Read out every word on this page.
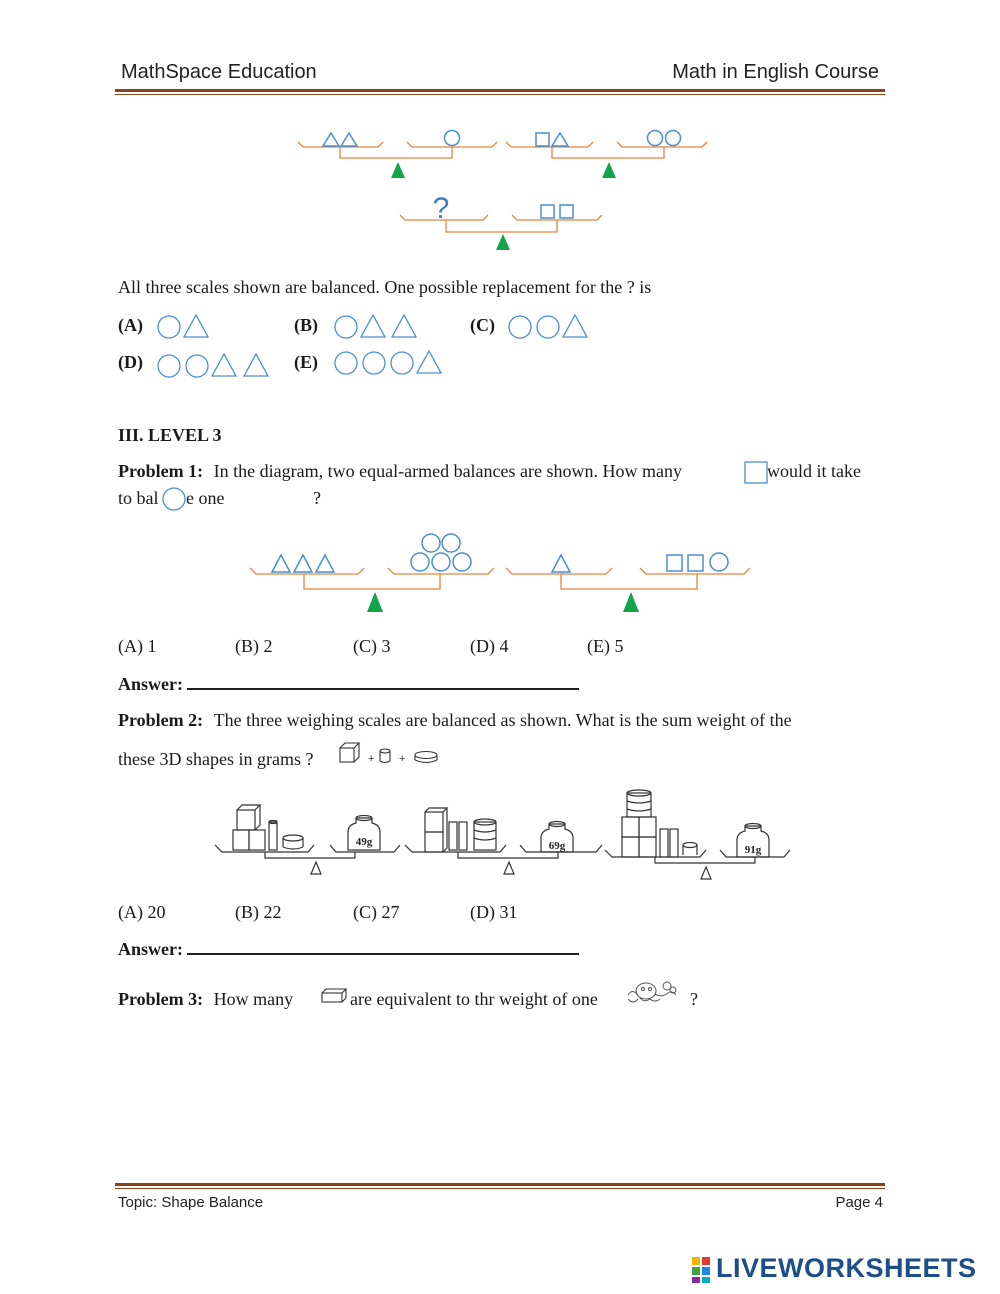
MathSpace Education	Math in English Course
?
All three scales shown are balanced. One possible replacement for the ? is
(A)	(B)	(C)
(D)	(E)
III. LEVEL 3
Problem 1: In the diagram, two equal-armed balances are shown. How many	would it take
to bal e one	?
(A) 1	(B) 2	(C) 3	(D) 4	(E) 5
Answer:
Problem 2: The three weighing scales are balanced as shown. What is the sum weight of the
these 3D shapes in grams ?	+ +
49g	69g	91g
(A) 20	(B) 22	(C) 27	(D) 31
Answer:
Problem 3: How many	are equivalent to thr weight of one	?
Topic: Shape Balance	Page 4
LIVEWORKSHEETS
